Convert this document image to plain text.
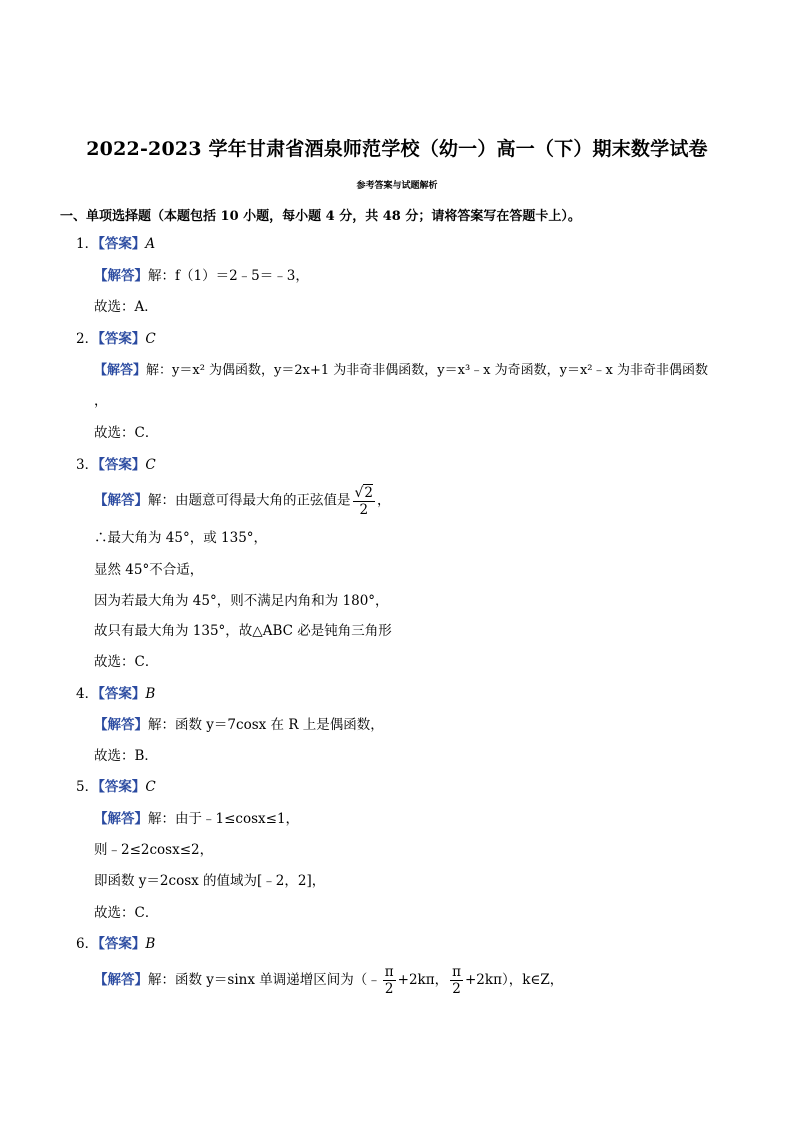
2022-2023 学年甘肃省酒泉师范学校（幼一）高一（下）期末数学试卷
参考答案与试题解析
一、单项选择题（本题包括 10 小题，每小题 4 分，共 48 分；请将答案写在答题卡上）。
1．【答案】A
【解答】解：f（1）＝2﹣5＝﹣3，
故选：A．
2．【答案】C
【解答】解：y＝x² 为偶函数，y＝2x+1 为非奇非偶函数，y＝x³﹣x 为奇函数，y＝x²﹣x 为非奇非偶函数
，
故选：C．
3．【答案】C
【解答】解：由题意可得最大角的正弦值是 $\frac{√2}{2}$ ，
∴最大角为 45°，或 135°，
显然 45°不合适，
因为若最大角为 45°，则不满足内角和为 180°，
故只有最大角为 135°，故△ABC 必是钝角三角形
故选：C．
4．【答案】B
【解答】解：函数 y＝7cosx 在 R 上是偶函数，
故选：B．
5．【答案】C
【解答】解：由于﹣1≤cosx≤1，
则﹣2≤2cosx≤2，
即函数 y＝2cosx 的值域为[﹣2，2]，
故选：C．
6．【答案】B
【解答】解：函数 y＝sinx 单调递增区间为（﹣ $\frac{\pi}{2} +2k\pi$， $\frac{\pi}{2} +2k\pi$），k∈Z，
